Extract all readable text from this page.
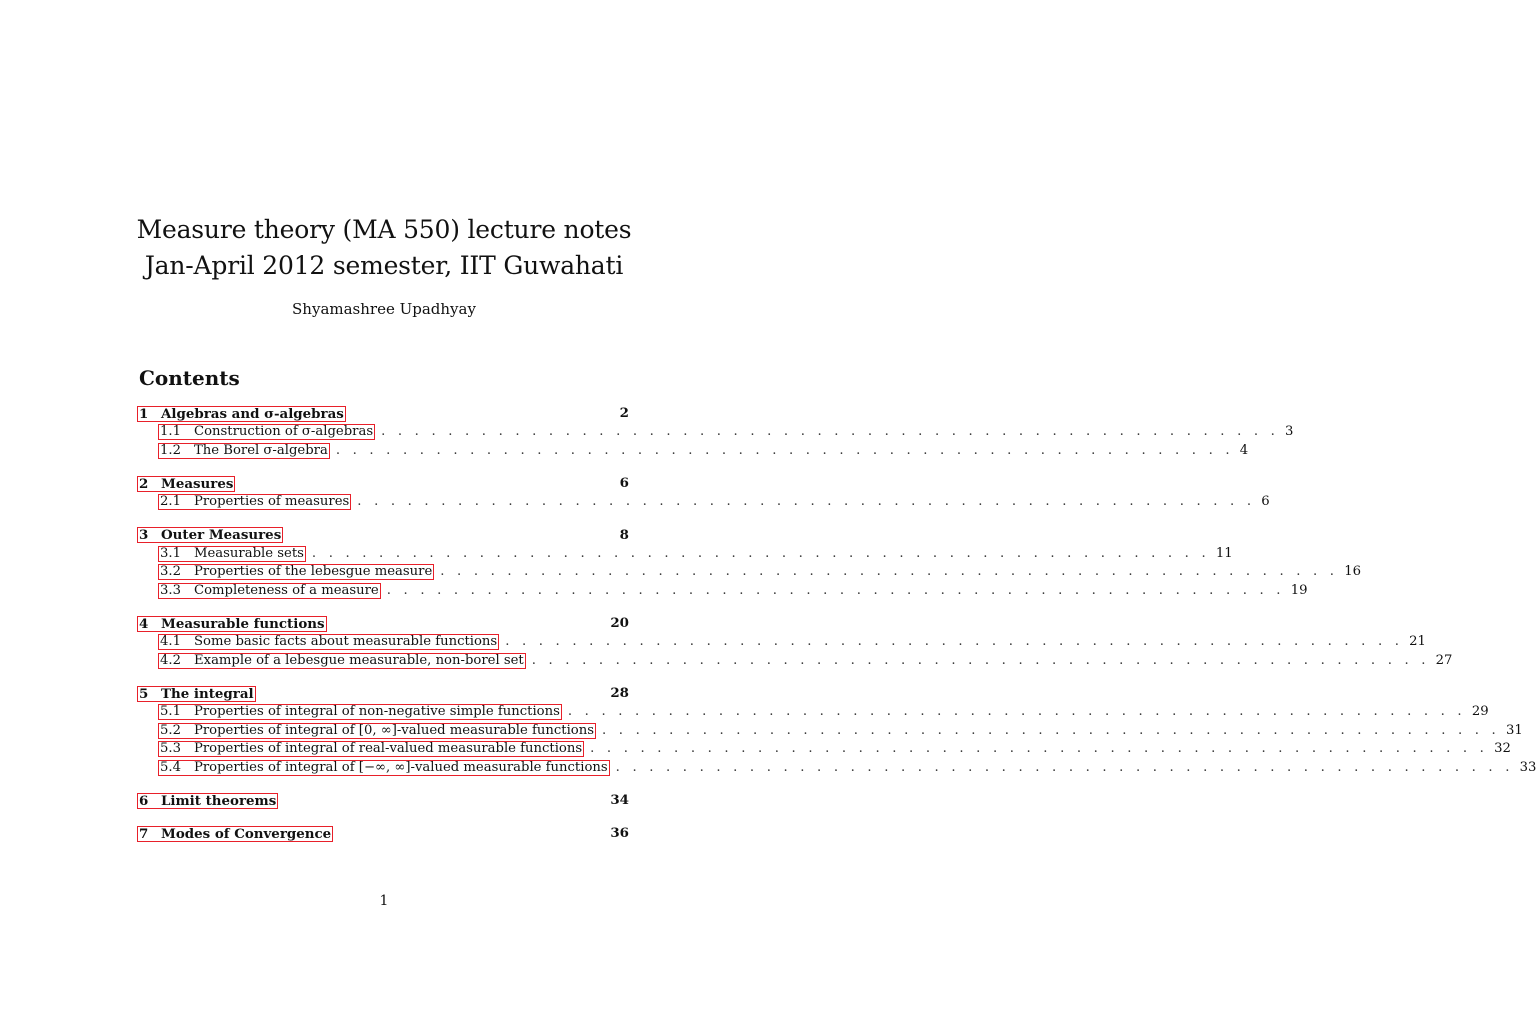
Measure theory (MA 550) lecture notes
Jan-April 2012 semester, IIT Guwahati
Shyamashree Upadhyay
Contents
1 Algebras and σ-algebras	2
1.1 Construction of σ-algebras . . . . . . . . . . . . . . . . . . . . . . . . . . . . . . . . . . . . . . . . . . . . . . . . . . . . . . 3
1.2 The Borel σ-algebra . . . . . . . . . . . . . . . . . . . . . . . . . . . . . . . . . . . . . . . . . . . . . . . . . . . . . . 4
2 Measures	6
2.1 Properties of measures . . . . . . . . . . . . . . . . . . . . . . . . . . . . . . . . . . . . . . . . . . . . . . . . . . . . . . 6
3 Outer Measures	8
3.1 Measurable sets . . . . . . . . . . . . . . . . . . . . . . . . . . . . . . . . . . . . . . . . . . . . . . . . . . . . . . 11
3.2 Properties of the lebesgue measure . . . . . . . . . . . . . . . . . . . . . . . . . . . . . . . . . . . . . . . . . . . . . . . . . . . . . . 16
3.3 Completeness of a measure . . . . . . . . . . . . . . . . . . . . . . . . . . . . . . . . . . . . . . . . . . . . . . . . . . . . . . 19
4 Measurable functions	20
4.1 Some basic facts about measurable functions . . . . . . . . . . . . . . . . . . . . . . . . . . . . . . . . . . . . . . . . . . . . . . . . . . . . . . 21
4.2 Example of a lebesgue measurable, non-borel set . . . . . . . . . . . . . . . . . . . . . . . . . . . . . . . . . . . . . . . . . . . . . . . . . . . . . . 27
5 The integral	28
5.1 Properties of integral of non-negative simple functions . . . . . . . . . . . . . . . . . . . . . . . . . . . . . . . . . . . . . . . . . . . . . . . . . . . . . . 29
5.2 Properties of integral of [0, ∞]-valued measurable functions . . . . . . . . . . . . . . . . . . . . . . . . . . . . . . . . . . . . . . . . . . . . . . . . . . . . . . 31
5.3 Properties of integral of real-valued measurable functions . . . . . . . . . . . . . . . . . . . . . . . . . . . . . . . . . . . . . . . . . . . . . . . . . . . . . . 32
5.4 Properties of integral of [−∞, ∞]-valued measurable functions . . . . . . . . . . . . . . . . . . . . . . . . . . . . . . . . . . . . . . . . . . . . . . . . . . . . . . 33
6 Limit theorems	34
7 Modes of Convergence	36
1
